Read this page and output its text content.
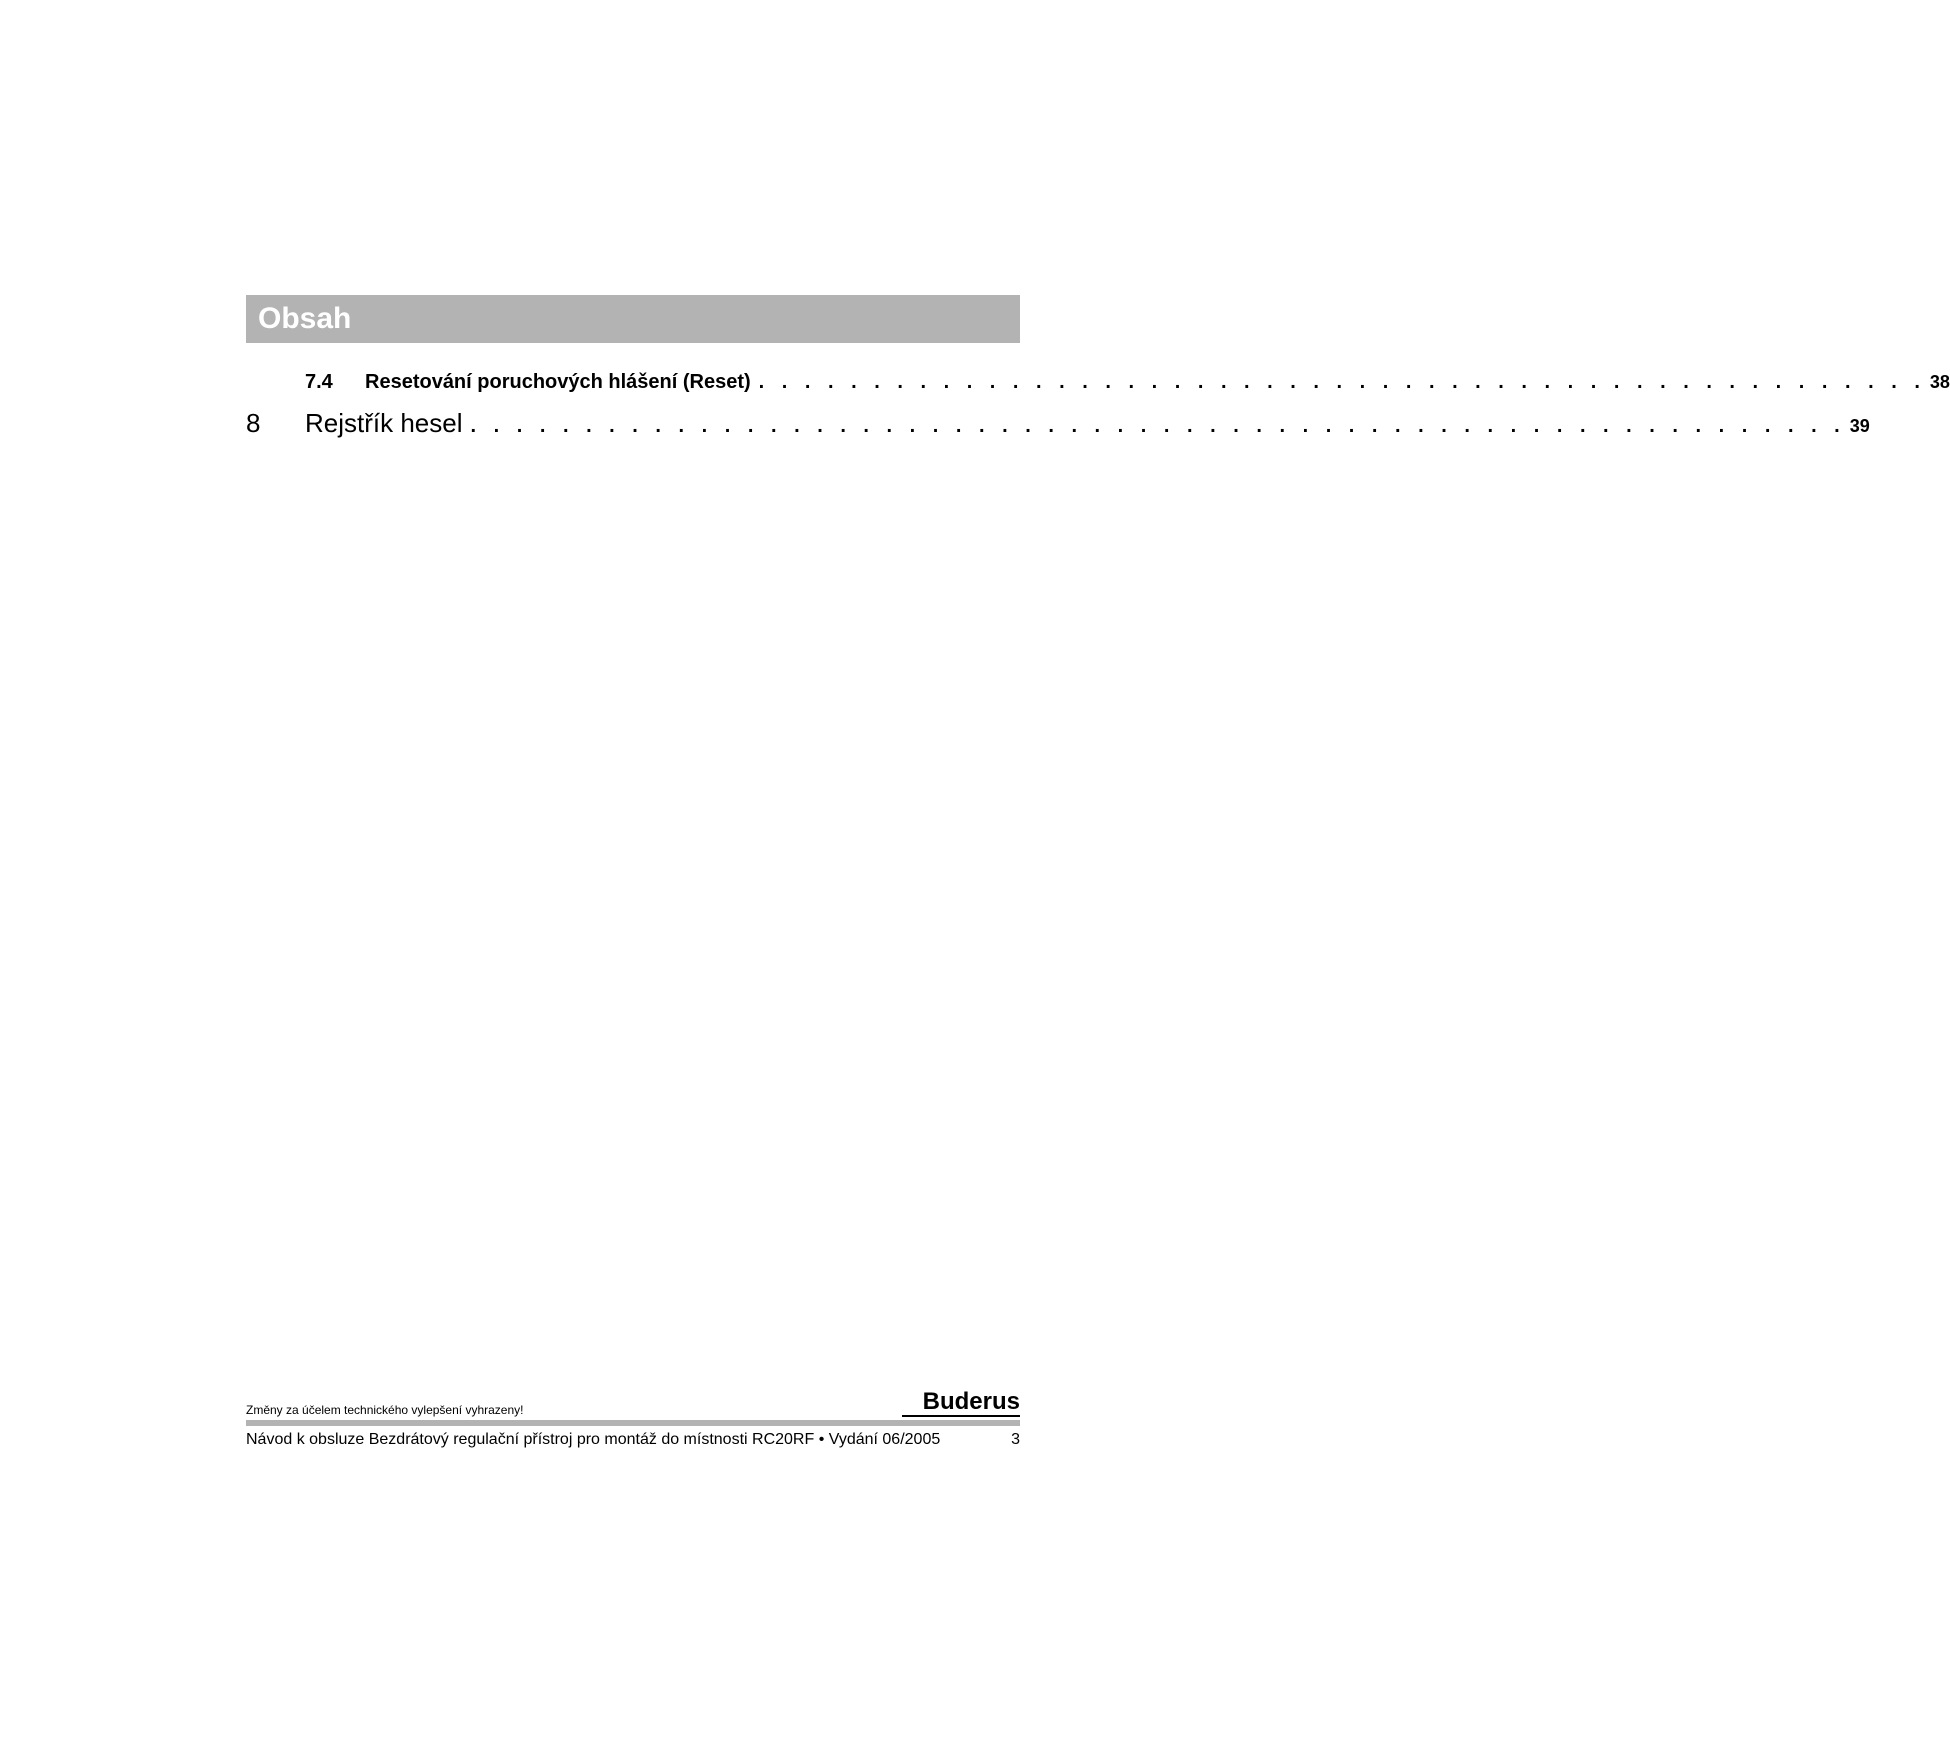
Obsah
7.4	Resetování poruchových hlášení (Reset) . . . . . . . . . . . . . . . . . . . . . . . . . . . . . . . . . . . . . . . . . . . . . . . . . . . 38
8	Rejstřík hesel . . . . . . . . . . . . . . . . . . . . . . . . . . . . . . . . . . . . . . . . . . . . . . . . . . . . . . . . . . . . 39
Změny za účelem technického vylepšení vyhrazeny!	Buderus
Návod k obsluze Bezdrátový regulační přístroj pro montáž do místnosti RC20RF • Vydání 06/2005	3
